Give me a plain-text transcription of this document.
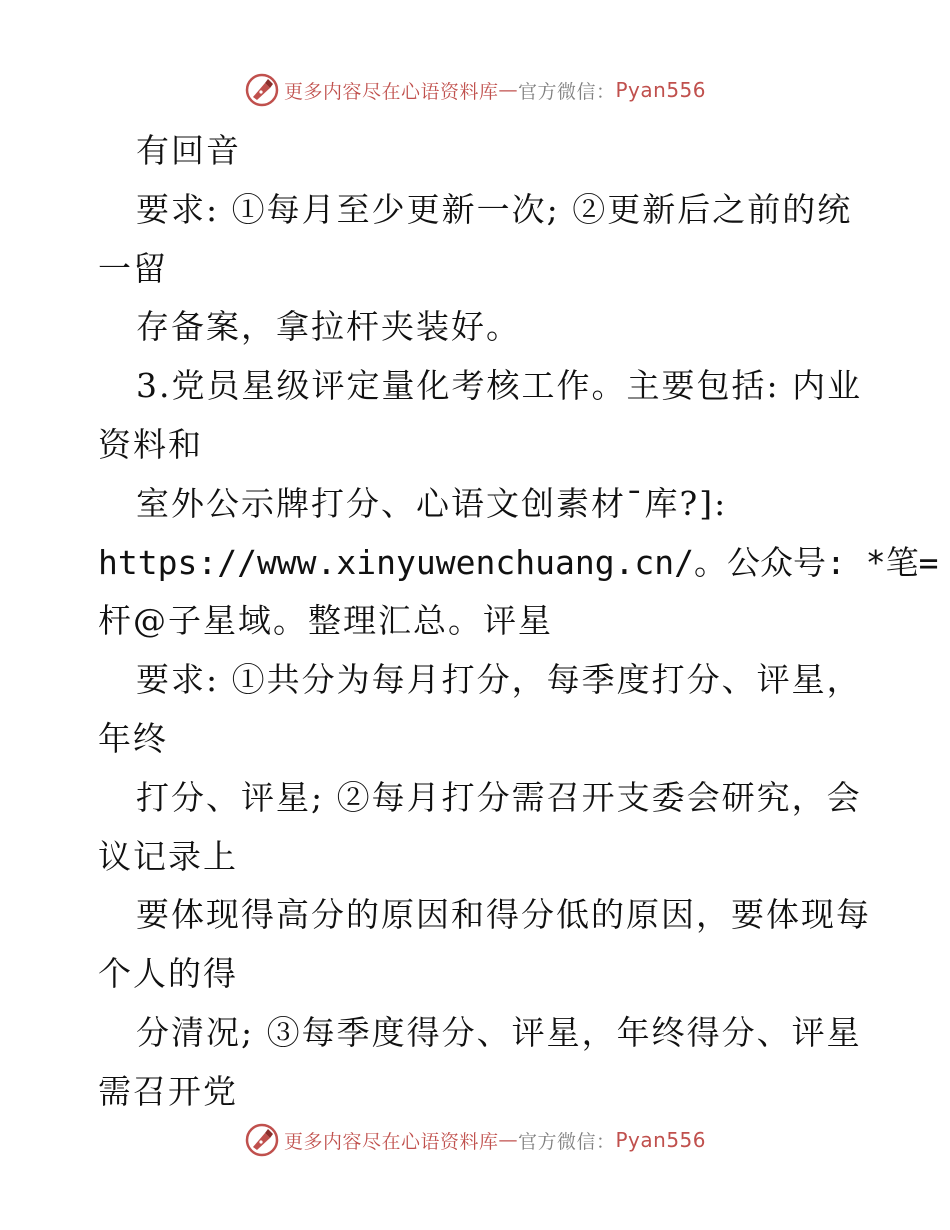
更多内容尽在心语资料库 — 官方微信： Pyan556
有回音
要求: ①每月至少更新一次; ②更新后之前的统
一留
存备案，拿拉杆夹装好。
3.党员星级评定量化考核工作。主要包括: 内业
资料和
室外公示牌打分、心语文创素材¯库?]:
https://www.xinyuwenchuang.cn/。公众号: *笔=
杆@子星域。整理汇总。评星
要求: ①共分为每月打分，每季度打分、评星，
年终
打分、评星; ②每月打分需召开支委会研究，会
议记录上
要体现得高分的原因和得分低的原因，要体现每
个人的得
分清况; ③每季度得分、评星，年终得分、评星
需召开党
更多内容尽在心语资料库 — 官方微信： Pyan556
